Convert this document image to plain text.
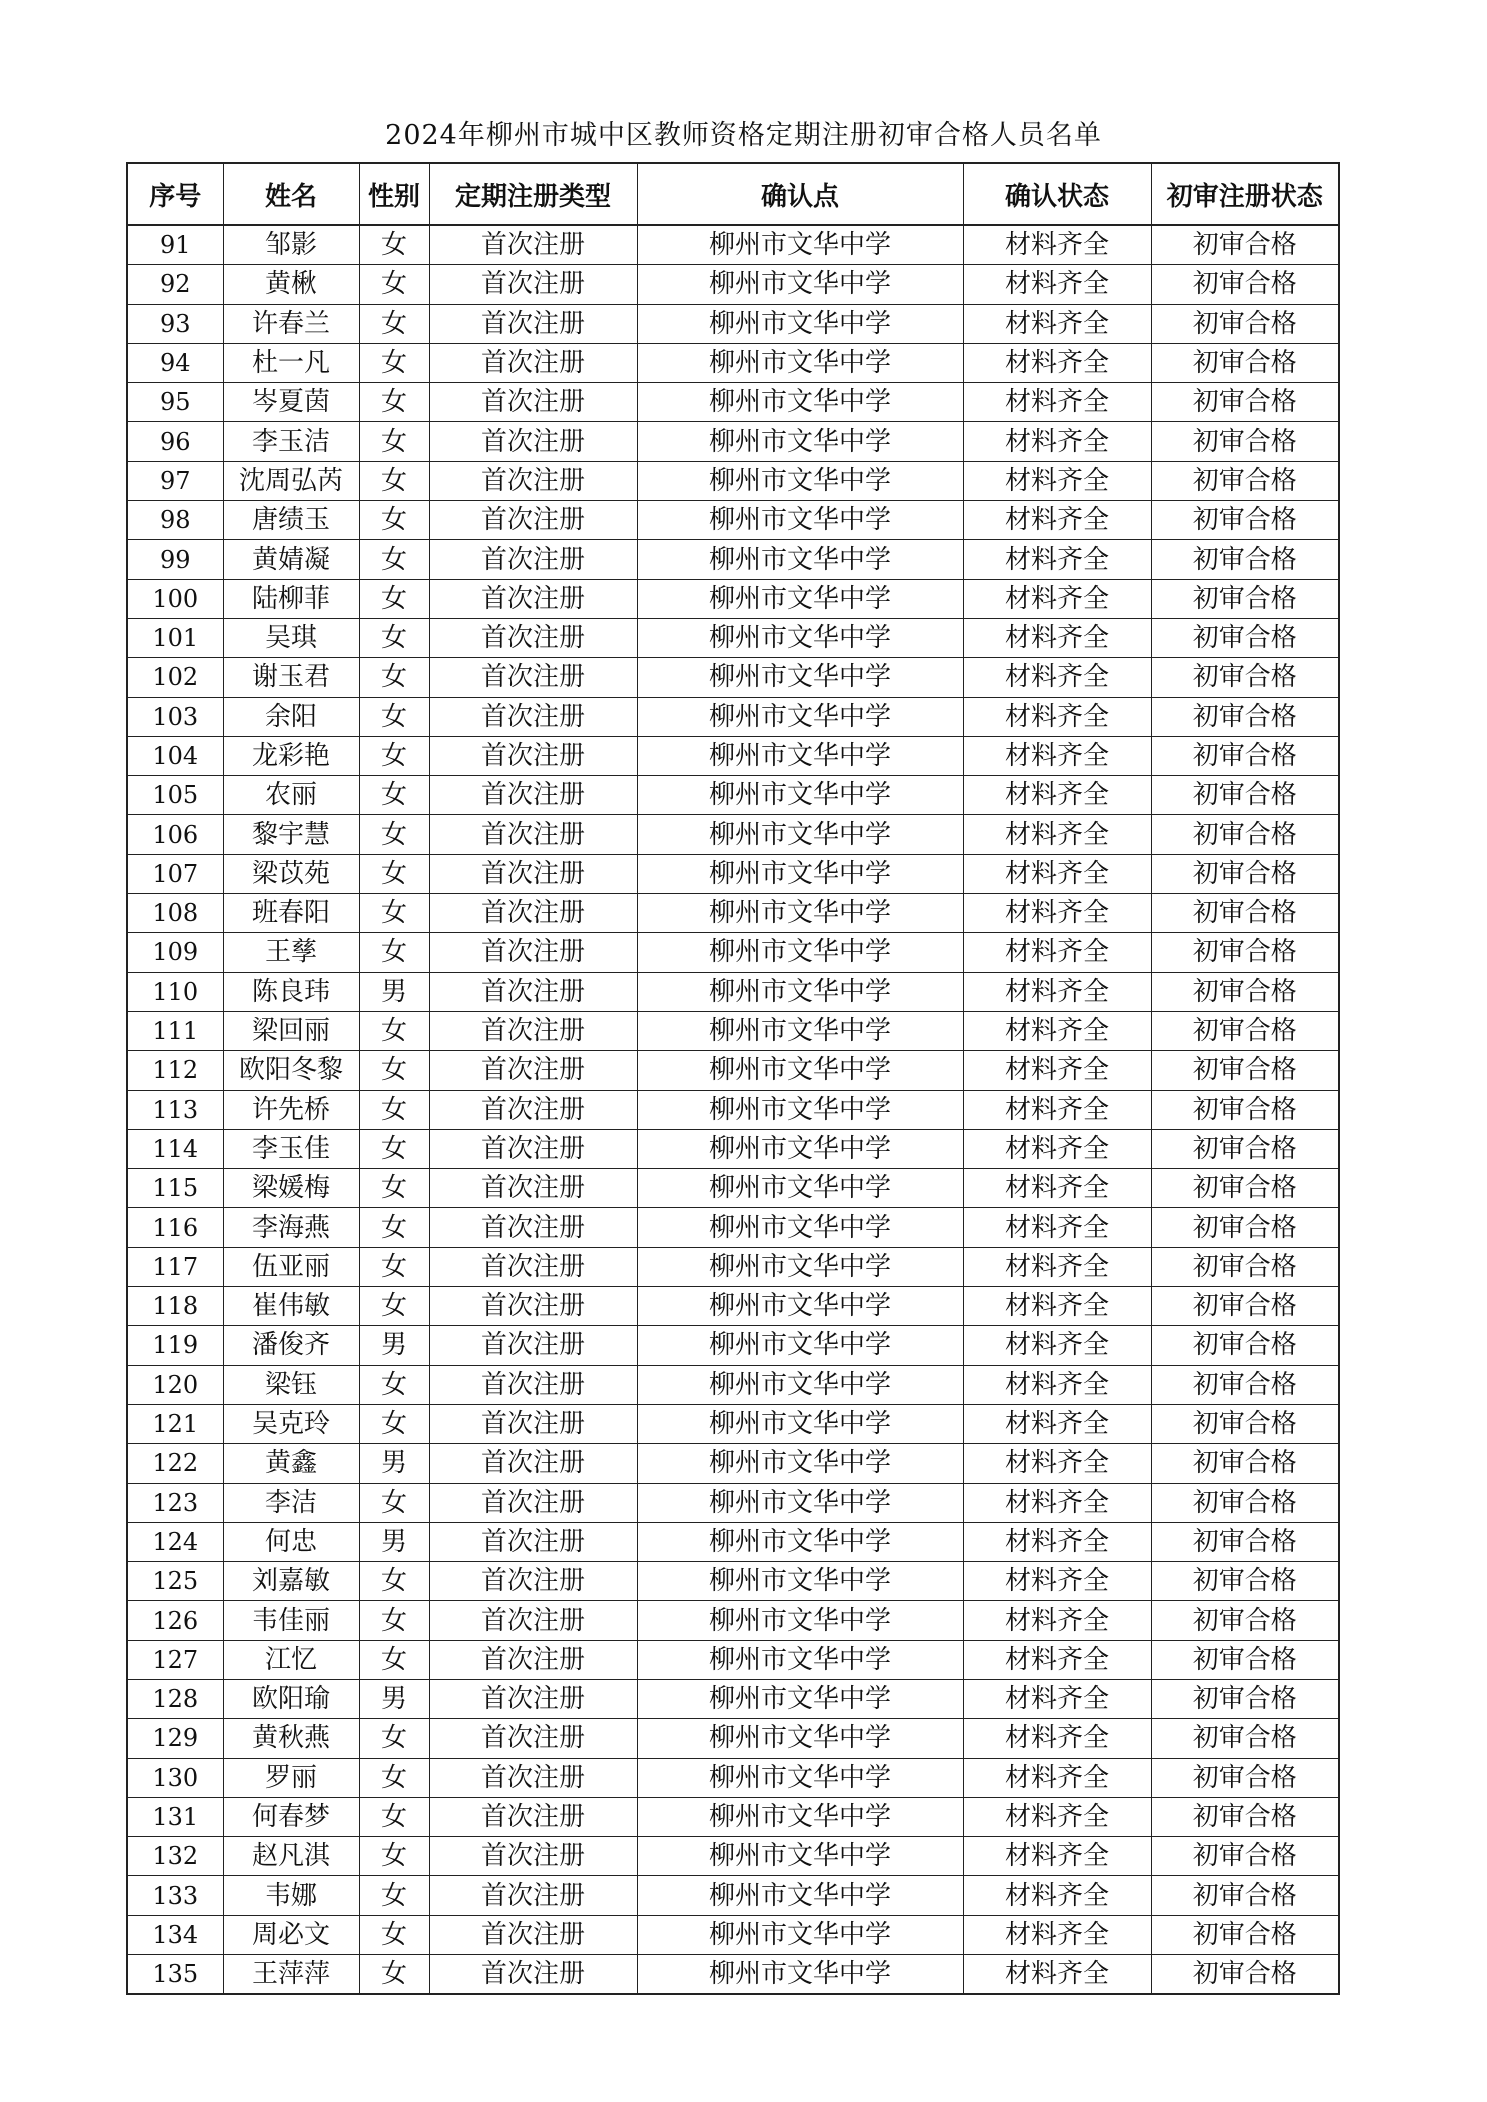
2024年柳州市城中区教师资格定期注册初审合格人员名单
序号	姓名	性别	定期注册类型	确认点	确认状态	初审注册状态
91	邹影	女	首次注册	柳州市文华中学	材料齐全	初审合格
92	黄楸	女	首次注册	柳州市文华中学	材料齐全	初审合格
93	许春兰	女	首次注册	柳州市文华中学	材料齐全	初审合格
94	杜一凡	女	首次注册	柳州市文华中学	材料齐全	初审合格
95	岑夏茵	女	首次注册	柳州市文华中学	材料齐全	初审合格
96	李玉洁	女	首次注册	柳州市文华中学	材料齐全	初审合格
97	沈周弘芮	女	首次注册	柳州市文华中学	材料齐全	初审合格
98	唐绩玉	女	首次注册	柳州市文华中学	材料齐全	初审合格
99	黄婧凝	女	首次注册	柳州市文华中学	材料齐全	初审合格
100	陆柳菲	女	首次注册	柳州市文华中学	材料齐全	初审合格
101	吴琪	女	首次注册	柳州市文华中学	材料齐全	初审合格
102	谢玉君	女	首次注册	柳州市文华中学	材料齐全	初审合格
103	余阳	女	首次注册	柳州市文华中学	材料齐全	初审合格
104	龙彩艳	女	首次注册	柳州市文华中学	材料齐全	初审合格
105	农丽	女	首次注册	柳州市文华中学	材料齐全	初审合格
106	黎宇慧	女	首次注册	柳州市文华中学	材料齐全	初审合格
107	梁苡苑	女	首次注册	柳州市文华中学	材料齐全	初审合格
108	班春阳	女	首次注册	柳州市文华中学	材料齐全	初审合格
109	王孳	女	首次注册	柳州市文华中学	材料齐全	初审合格
110	陈良玮	男	首次注册	柳州市文华中学	材料齐全	初审合格
111	梁回丽	女	首次注册	柳州市文华中学	材料齐全	初审合格
112	欧阳冬黎	女	首次注册	柳州市文华中学	材料齐全	初审合格
113	许先桥	女	首次注册	柳州市文华中学	材料齐全	初审合格
114	李玉佳	女	首次注册	柳州市文华中学	材料齐全	初审合格
115	梁媛梅	女	首次注册	柳州市文华中学	材料齐全	初审合格
116	李海燕	女	首次注册	柳州市文华中学	材料齐全	初审合格
117	伍亚丽	女	首次注册	柳州市文华中学	材料齐全	初审合格
118	崔伟敏	女	首次注册	柳州市文华中学	材料齐全	初审合格
119	潘俊齐	男	首次注册	柳州市文华中学	材料齐全	初审合格
120	梁钰	女	首次注册	柳州市文华中学	材料齐全	初审合格
121	吴克玲	女	首次注册	柳州市文华中学	材料齐全	初审合格
122	黄鑫	男	首次注册	柳州市文华中学	材料齐全	初审合格
123	李洁	女	首次注册	柳州市文华中学	材料齐全	初审合格
124	何忠	男	首次注册	柳州市文华中学	材料齐全	初审合格
125	刘嘉敏	女	首次注册	柳州市文华中学	材料齐全	初审合格
126	韦佳丽	女	首次注册	柳州市文华中学	材料齐全	初审合格
127	江忆	女	首次注册	柳州市文华中学	材料齐全	初审合格
128	欧阳瑜	男	首次注册	柳州市文华中学	材料齐全	初审合格
129	黄秋燕	女	首次注册	柳州市文华中学	材料齐全	初审合格
130	罗丽	女	首次注册	柳州市文华中学	材料齐全	初审合格
131	何春梦	女	首次注册	柳州市文华中学	材料齐全	初审合格
132	赵凡淇	女	首次注册	柳州市文华中学	材料齐全	初审合格
133	韦娜	女	首次注册	柳州市文华中学	材料齐全	初审合格
134	周必文	女	首次注册	柳州市文华中学	材料齐全	初审合格
135	王萍萍	女	首次注册	柳州市文华中学	材料齐全	初审合格
